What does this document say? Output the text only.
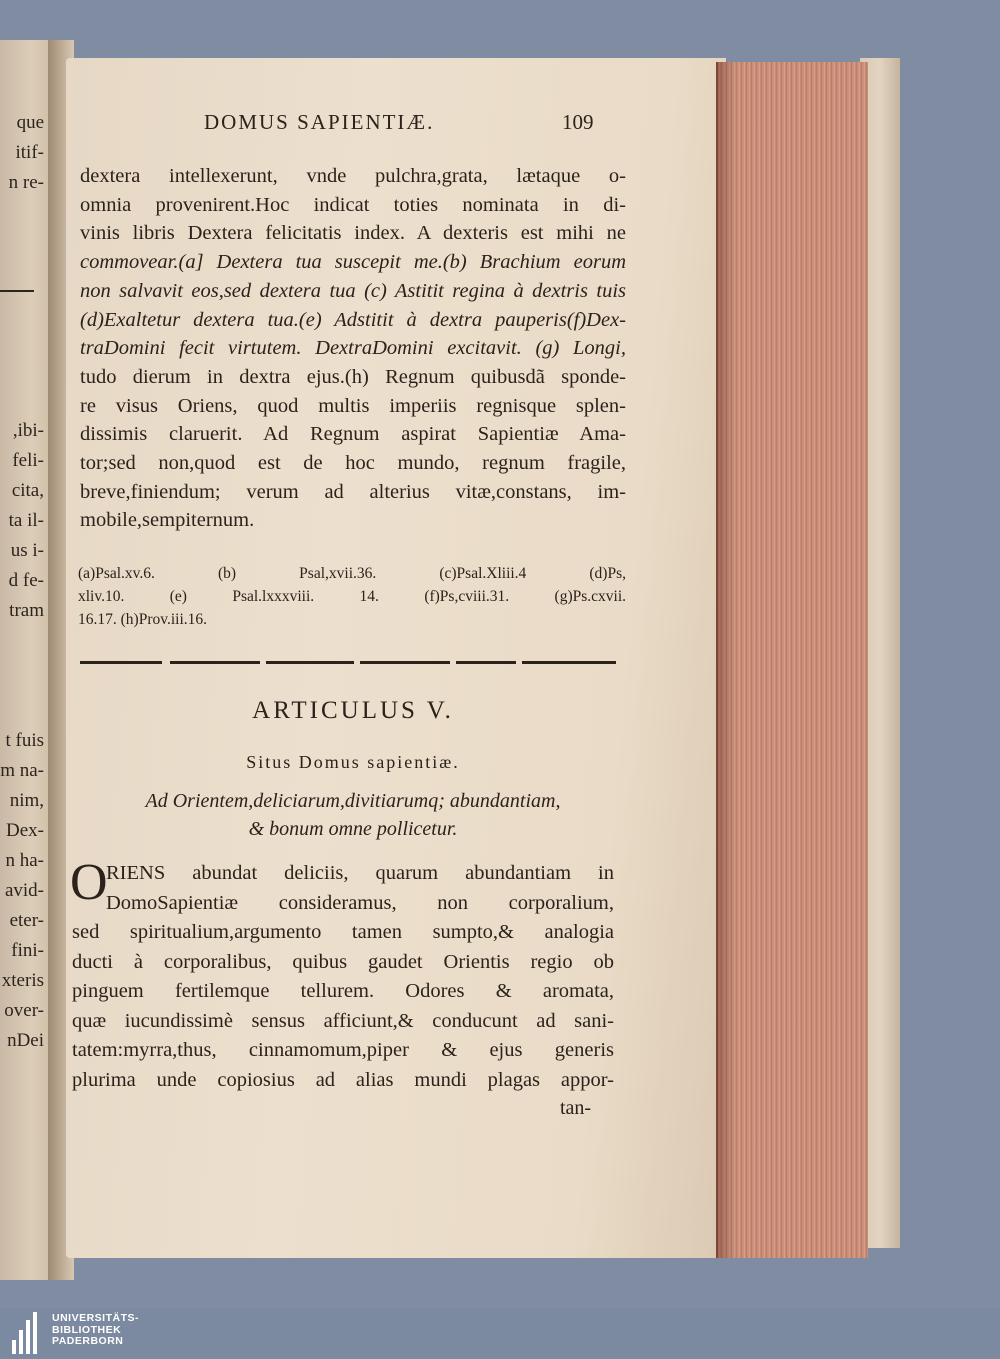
que
itif-
n re-
,ibi-
feli-
cita,
ta il-
us i-
d fe-
tram
t fuis
m na-
nim,
Dex-
n ha-
avid-
eter-
fini-
xteris
over-
nDei
DOMUS SAPIENTIÆ.	109
dextera intellexerunt, vnde pulchra,grata, lætaque o-
omnia provenirent.Hoc indicat toties nominata in di-
vinis libris Dextera felicitatis index. A dexteris est mihi ne
commovear.(a] Dextera tua suscepit me.(b) Brachium eorum
non salvavit eos,sed dextera tua (c) Astitit regina à dextris tuis
(d)Exaltetur dextera tua.(e) Adstitit à dextra pauperis(f)Dex-
traDomini fecit virtutem. DextraDomini excitavit. (g) Longi,
tudo dierum in dextra ejus.(h) Regnum quibusdã sponde-
re visus Oriens, quod multis imperiis regnisque splen-
dissimis claruerit. Ad Regnum aspirat Sapientiæ Ama-
tor;sed non,quod est de hoc mundo, regnum fragile,
breve,finiendum; verum ad alterius vitæ,constans, im-
mobile,sempiternum.
(a)Psal.xv.6. (b) Psal,xvii.36. (c)Psal.Xliii.4 (d)Ps,
xliv.10. (e) Psal.lxxxviii. 14. (f)Ps,cviii.31. (g)Ps.cxvii.
16.17. (h)Prov.iii.16.
ARTICULUS V.
Situs Domus sapientiæ.
Ad Orientem,deliciarum,divitiarumq; abundantiam,
& bonum omne pollicetur.
O
RIENS abundat deliciis, quarum abundantiam in
DomoSapientiæ consideramus, non corporalium,
sed spiritualium,argumento tamen sumpto,& analogia
ducti à corporalibus, quibus gaudet Orientis regio ob
pinguem fertilemque tellurem. Odores & aromata,
quæ iucundissimè sensus afficiunt,& conducunt ad sani-
tatem:myrra,thus, cinnamomum,piper & ejus generis
plurima unde copiosius ad alias mundi plagas appor-
tan-
UNIVERSITÄTS-
BIBLIOTHEK
PADERBORN
